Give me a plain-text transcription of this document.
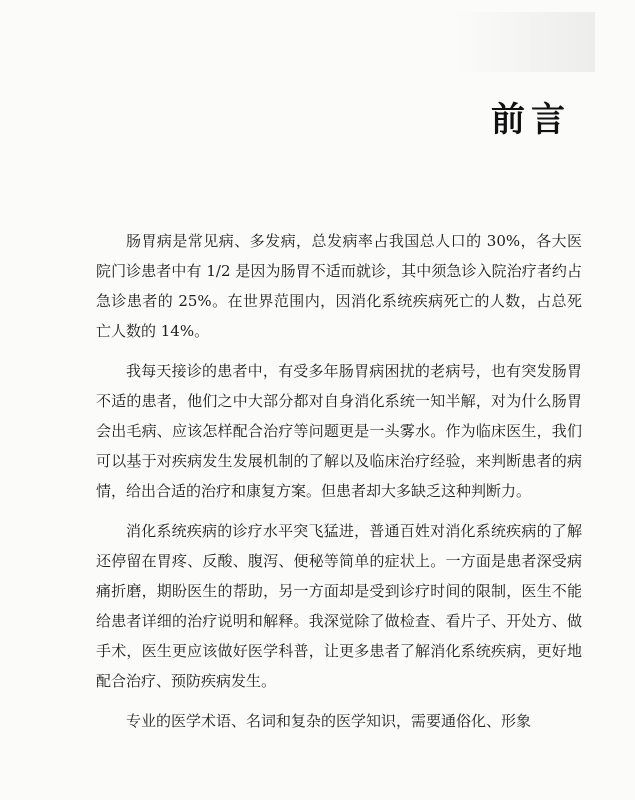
前言

肠胃病是常见病、多发病，总发病率占我国总人口的 30%，各大医院门诊患者中有 1/2 是因为肠胃不适而就诊，其中须急诊入院治疗者约占急诊患者的 25%。在世界范围内，因消化系统疾病死亡的人数，占总死亡人数的 14%。

我每天接诊的患者中，有受多年肠胃病困扰的老病号，也有突发肠胃不适的患者，他们之中大部分都对自身消化系统一知半解，对为什么肠胃会出毛病、应该怎样配合治疗等问题更是一头雾水。作为临床医生，我们可以基于对疾病发生发展机制的了解以及临床治疗经验，来判断患者的病情，给出合适的治疗和康复方案。但患者却大多缺乏这种判断力。

消化系统疾病的诊疗水平突飞猛进，普通百姓对消化系统疾病的了解还停留在胃疼、反酸、腹泻、便秘等简单的症状上。一方面是患者深受病痛折磨，期盼医生的帮助，另一方面却是受到诊疗时间的限制，医生不能给患者详细的治疗说明和解释。我深觉除了做检查、看片子、开处方、做手术，医生更应该做好医学科普，让更多患者了解消化系统疾病，更好地配合治疗、预防疾病发生。

专业的医学术语、名词和复杂的医学知识，需要通俗化、形象
